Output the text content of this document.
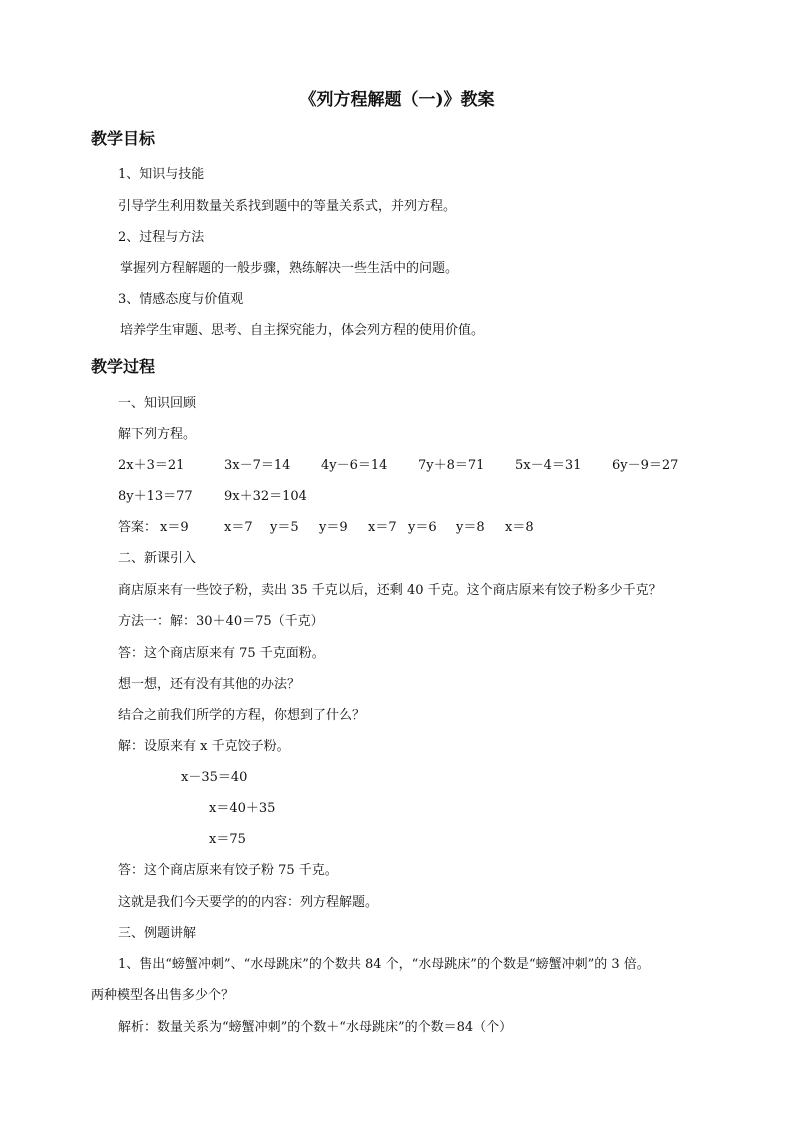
《列方程解题（一)》教案
教学目标
1、知识与技能
引导学生利用数量关系找到题中的等量关系式，并列方程。
2、过程与方法
掌握列方程解题的一般步骤，熟练解决一些生活中的问题。
3、情感态度与价值观
培养学生审题、思考、自主探究能力，体会列方程的使用价值。
教学过程
一、知识回顾
解下列方程。
2x＋3＝21	3x－7＝14 4y－6＝14 7y＋8＝71 5x－4＝31 6y－9＝27
8y＋13＝77 9x＋32＝104
答案： x＝9	x＝7 y＝5 y＝9 x＝7 y＝6 y＝8 x＝8
二、新课引入
商店原来有一些饺子粉，卖出 35 千克以后，还剩 40 千克。这个商店原来有饺子粉多少千克？
方法一：解：30＋40＝75（千克）
答：这个商店原来有 75 千克面粉。
想一想，还有没有其他的办法？
结合之前我们所学的方程，你想到了什么？
解：设原来有 x 千克饺子粉。
x－35＝40
x＝40＋35
x＝75
答：这个商店原来有饺子粉 75 千克。
这就是我们今天要学的的内容：列方程解题。
三、例题讲解
1、售出“螃蟹冲刺”、“水母跳床”的个数共 84 个，“水母跳床”的个数是“螃蟹冲刺”的 3 倍。
两种模型各出售多少个？
解析：数量关系为“螃蟹冲刺”的个数＋“水母跳床”的个数＝84（个）
